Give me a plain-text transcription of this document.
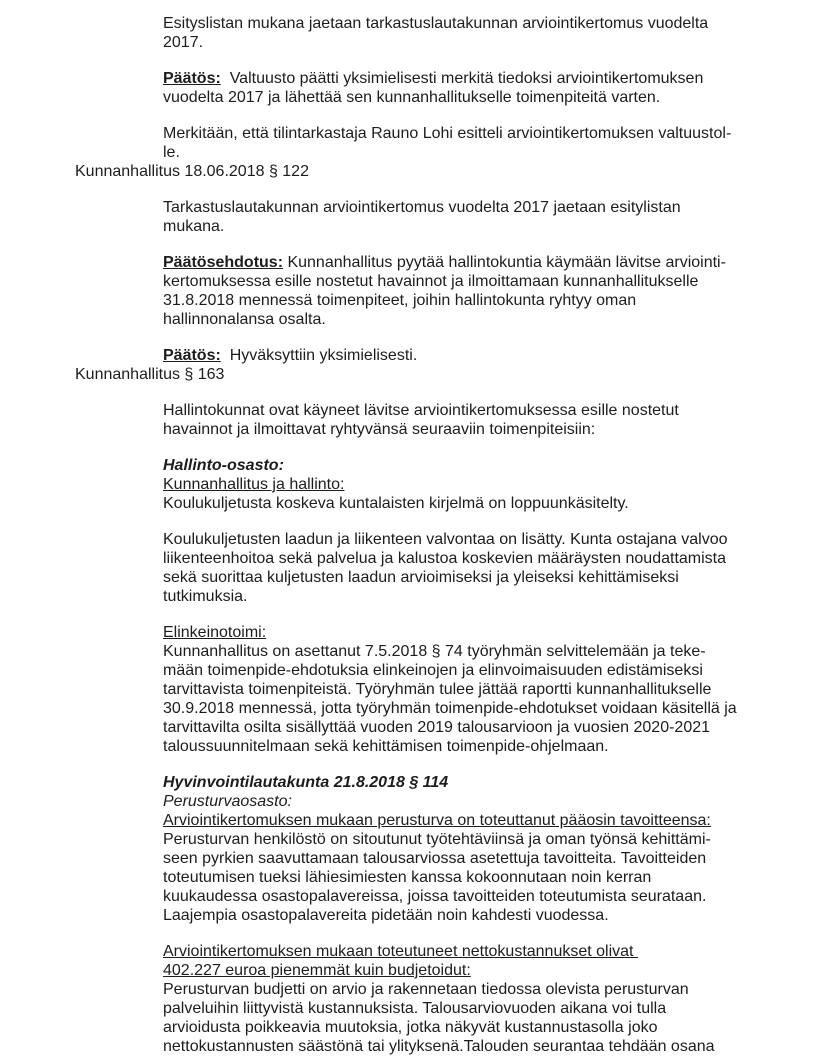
Esityslistan mukana jaetaan tarkastuslautakunnan arviointikertomus vuodelta
2017.
Päätös:  Valtuusto päätti yksimielisesti merkitä tiedoksi arviointikertomuksen
vuodelta 2017 ja lähettää sen kunnanhallitukselle toimenpiteitä varten.
Merkitään, että tilintarkastaja Rauno Lohi esitteli arviointikertomuksen valtuustol-
le.
Kunnanhallitus 18.06.2018 § 122
Tarkastuslautakunnan arviointikertomus vuodelta 2017 jaetaan esitylistan
mukana.
Päätösehdotus: Kunnanhallitus pyytää hallintokuntia käymään lävitse arviointi-
kertomuksessa esille nostetut havainnot ja ilmoittamaan kunnanhallitukselle
31.8.2018 mennessä toimenpiteet, joihin hallintokunta ryhtyy oman
hallinnonalansa osalta.
Päätös:  Hyväksyttiin yksimielisesti.
Kunnanhallitus § 163
Hallintokunnat ovat käyneet lävitse arviointikertomuksessa esille nostetut
havainnot ja ilmoittavat ryhtyvänsä seuraaviin toimenpiteisiin:
Hallinto-osasto:
Kunnanhallitus ja hallinto:
Koulukuljetusta koskeva kuntalaisten kirjelmä on loppuunkäsitelty.
Koulukuljetusten laadun ja liikenteen valvontaa on lisätty. Kunta ostajana valvoo
liikenteenhoitoa sekä palvelua ja kalustoa koskevien määräysten noudattamista
sekä suorittaa kuljetusten laadun arvioimiseksi ja yleiseksi kehittämiseksi
tutkimuksia.
Elinkeinotoimi:
Kunnanhallitus on asettanut 7.5.2018 § 74 työryhmän selvittelemään ja teke-
mään toimenpide-ehdotuksia elinkeinojen ja elinvoimaisuuden edistämiseksi
tarvittavista toimenpiteistä. Työryhmän tulee jättää raportti kunnanhallitukselle
30.9.2018 mennessä, jotta työryhmän toimenpide-ehdotukset voidaan käsitellä ja
tarvittavilta osilta sisällyttää vuoden 2019 talousarvioon ja vuosien 2020-2021
taloussuunnitelmaan sekä kehittämisen toimenpide-ohjelmaan.
Hyvinvointilautakunta 21.8.2018 § 114
Perusturvaosasto:
Arviointikertomuksen mukaan perusturva on toteuttanut pääosin tavoitteensa:
Perusturvan henkilöstö on sitoutunut työtehtäviinsä ja oman työnsä kehittämi-
seen pyrkien saavuttamaan talousarviossa asetettuja tavoitteita. Tavoitteiden
toteutumisen tueksi lähiesimiesten kanssa kokoonnutaan noin kerran
kuukaudessa osastopalavereissa, joissa tavoitteiden toteutumista seurataan.
Laajempia osastopalavereita pidetään noin kahdesti vuodessa.
Arviointikertomuksen mukaan toteutuneet nettokustannukset olivat
402.227 euroa pienemmät kuin budjetoidut:
Perusturvan budjetti on arvio ja rakennetaan tiedossa olevista perusturvan
palveluihin liittyvistä kustannuksista. Talousarviovuoden aikana voi tulla
arvioidusta poikkeavia muutoksia, jotka näkyvät kustannustasolla joko
nettokustannusten säästönä tai ylityksenä.Talouden seurantaa tehdään osana
